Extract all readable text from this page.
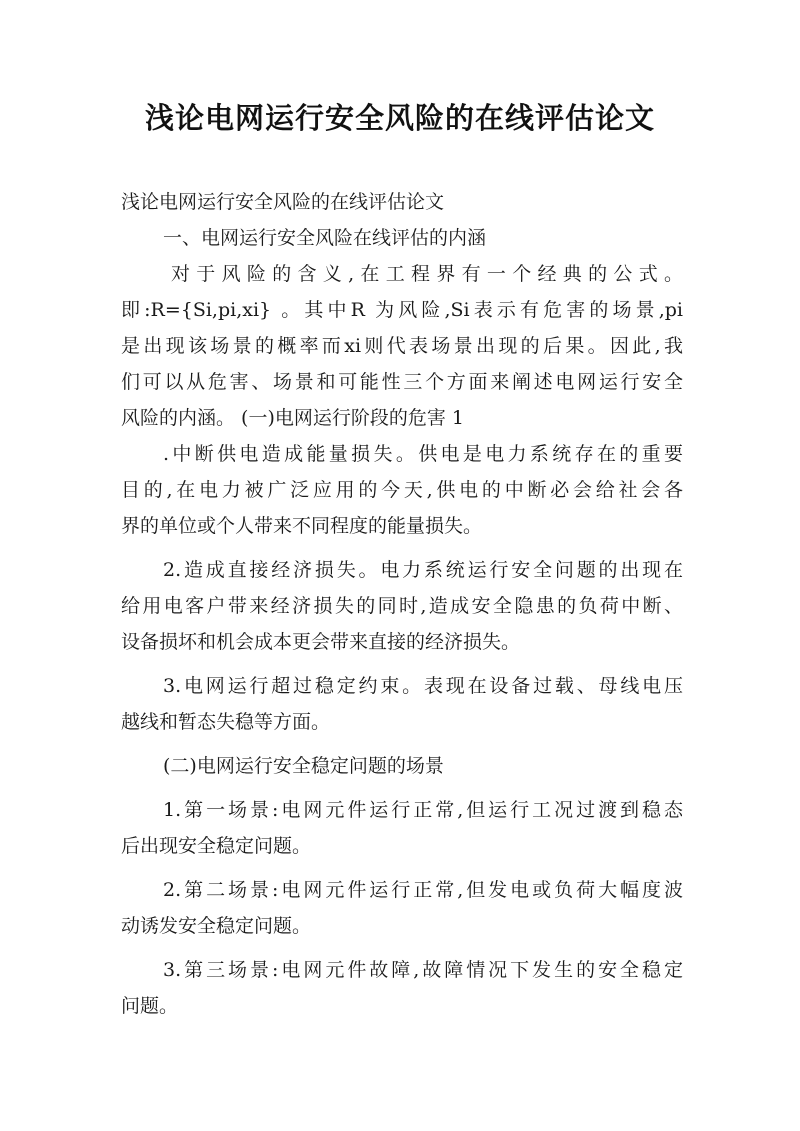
浅论电网运行安全风险的在线评估论文

浅论电网运行安全风险的在线评估论文

一、电网运行安全风险在线评估的内涵

对于风险的含义,在工程界有一个经典的公式。
即:R={Si,pi,xi} 。其中R 为风险,Si表示有危害的场景,pi
是出现该场景的概率而xi则代表场景出现的后果。因此,我
们可以从危害、场景和可能性三个方面来阐述电网运行安全
风险的内涵。 (一)电网运行阶段的危害 1

.中断供电造成能量损失。供电是电力系统存在的重要
目的,在电力被广泛应用的今天,供电的中断必会给社会各
界的单位或个人带来不同程度的能量损失。

2.造成直接经济损失。电力系统运行安全问题的出现在
给用电客户带来经济损失的同时,造成安全隐患的负荷中断、
设备损坏和机会成本更会带来直接的经济损失。

3.电网运行超过稳定约束。表现在设备过载、母线电压
越线和暂态失稳等方面。

(二)电网运行安全稳定问题的场景

1.第一场景:电网元件运行正常,但运行工况过渡到稳态
后出现安全稳定问题。

2.第二场景:电网元件运行正常,但发电或负荷大幅度波
动诱发安全稳定问题。

3.第三场景:电网元件故障,故障情况下发生的安全稳定
问题。
